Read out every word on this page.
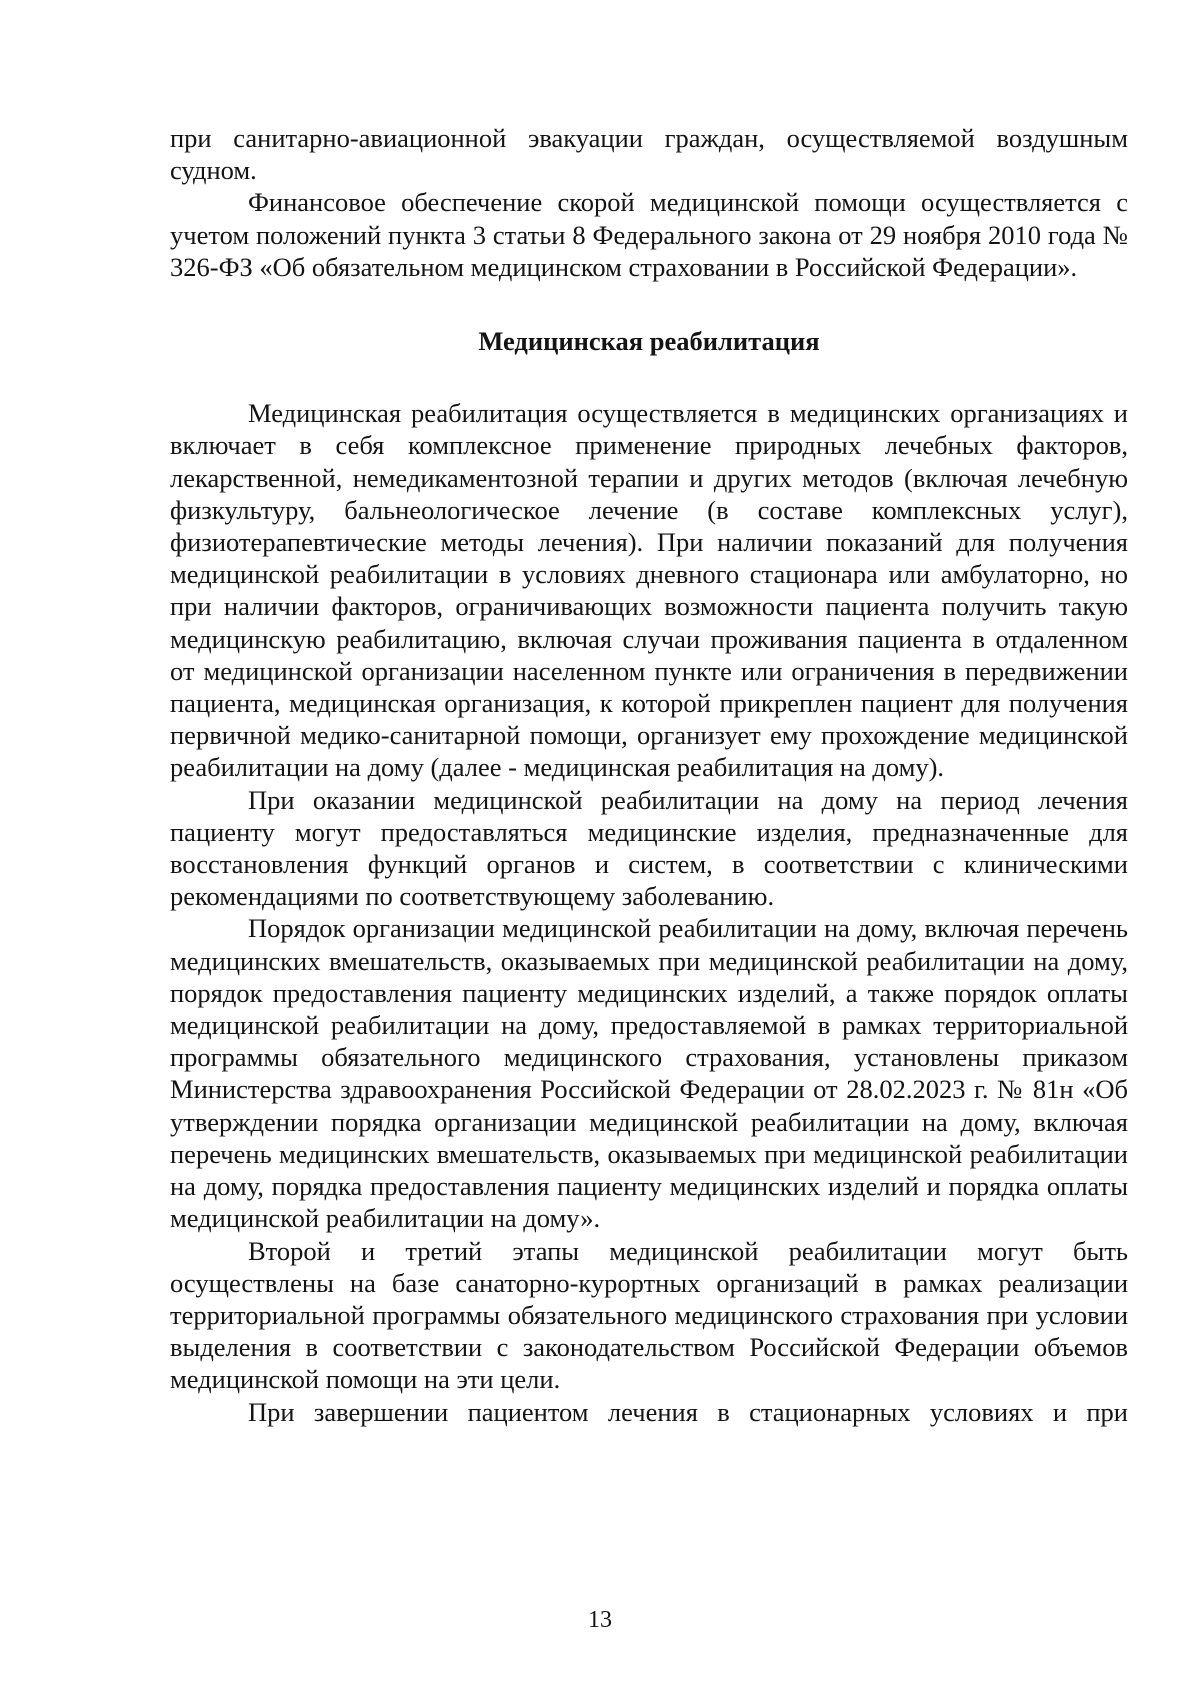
при санитарно-авиационной эвакуации граждан, осуществляемой воздушным судном.

Финансовое обеспечение скорой медицинской помощи осуществляется с учетом положений пункта 3 статьи 8 Федерального закона от 29 ноября 2010 года № 326-ФЗ «Об обязательном медицинском страховании в Российской Федерации».

Медицинская реабилитация

Медицинская реабилитация осуществляется в медицинских организациях и включает в себя комплексное применение природных лечебных факторов, лекарственной, немедикаментозной терапии и других методов (включая лечебную физкультуру, бальнеологическое лечение (в составе комплексных услуг), физиотерапевтические методы лечения). При наличии показаний для получения медицинской реабилитации в условиях дневного стационара или амбулаторно, но при наличии факторов, ограничивающих возможности пациента получить такую медицинскую реабилитацию, включая случаи проживания пациента в отдаленном от медицинской организации населенном пункте или ограничения в передвижении пациента, медицинская организация, к которой прикреплен пациент для получения первичной медико-санитарной помощи, организует ему прохождение медицинской реабилитации на дому (далее - медицинская реабилитация на дому).

При оказании медицинской реабилитации на дому на период лечения пациенту могут предоставляться медицинские изделия, предназначенные для восстановления функций органов и систем, в соответствии с клиническими рекомендациями по соответствующему заболеванию.

Порядок организации медицинской реабилитации на дому, включая перечень медицинских вмешательств, оказываемых при медицинской реабилитации на дому, порядок предоставления пациенту медицинских изделий, а также порядок оплаты медицинской реабилитации на дому, предоставляемой в рамках территориальной программы обязательного медицинского страхования, установлены приказом Министерства здравоохранения Российской Федерации от 28.02.2023 г. № 81н «Об утверждении порядка организации медицинской реабилитации на дому, включая перечень медицинских вмешательств, оказываемых при медицинской реабилитации на дому, порядка предоставления пациенту медицинских изделий и порядка оплаты медицинской реабилитации на дому».

Второй и третий этапы медицинской реабилитации могут быть осуществлены на базе санаторно-курортных организаций в рамках реализации территориальной программы обязательного медицинского страхования при условии выделения в соответствии с законодательством Российской Федерации объемов медицинской помощи на эти цели.

При завершении пациентом лечения в стационарных условиях и при

13
